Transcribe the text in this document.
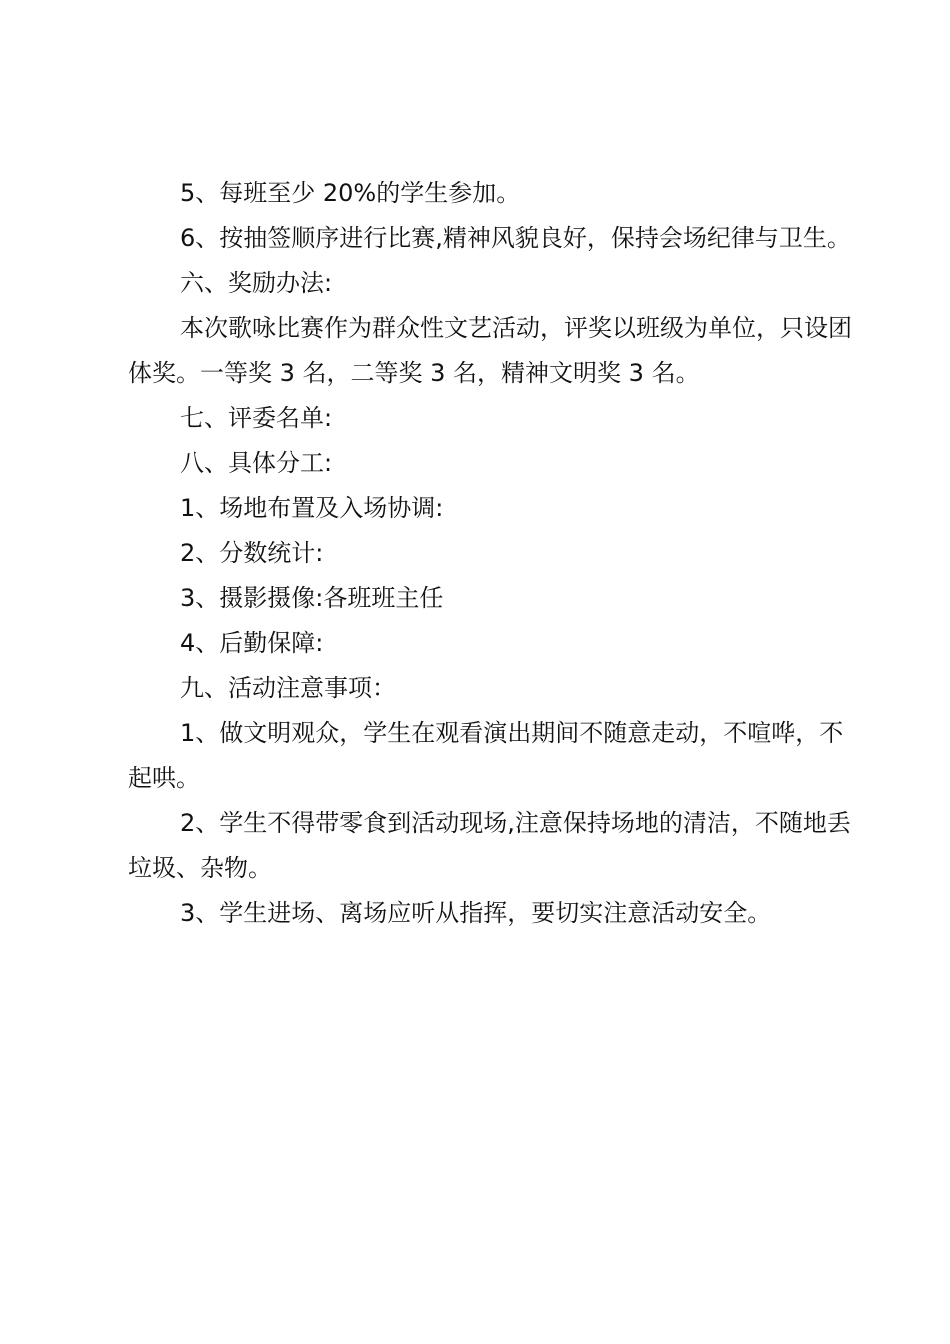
5、每班至少 20%的学生参加。

6、按抽签顺序进行比赛,精神风貌良好，保持会场纪律与卫生。

六、奖励办法:

本次歌咏比赛作为群众性文艺活动，评奖以班级为单位，只设团体奖。一等奖 3 名，二等奖 3 名，精神文明奖 3 名。

七、评委名单:

八、具体分工:

1、场地布置及入场协调:

2、分数统计:

3、摄影摄像:各班班主任

4、后勤保障:

九、活动注意事项：

1、做文明观众，学生在观看演出期间不随意走动，不喧哗，不起哄。

2、学生不得带零食到活动现场,注意保持场地的清洁，不随地丢垃圾、杂物。

3、学生进场、离场应听从指挥，要切实注意活动安全。
